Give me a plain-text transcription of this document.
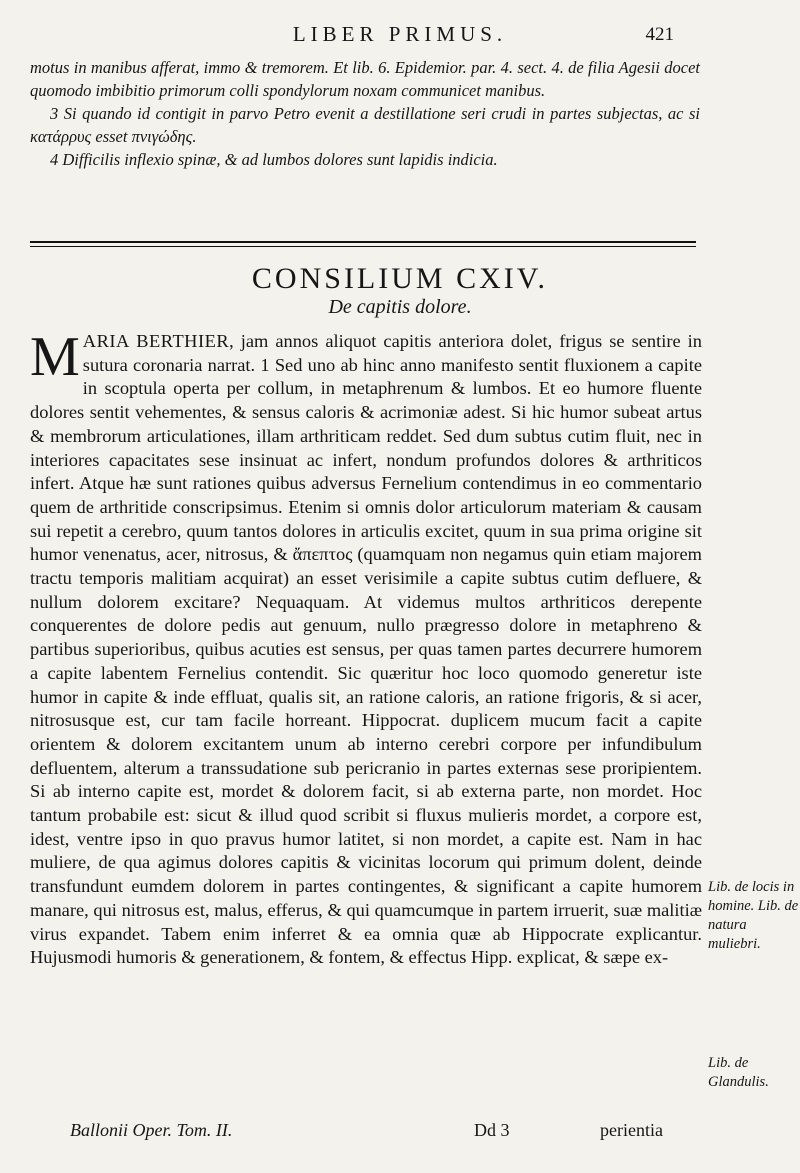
LIBER PRIMUS.	421

motus in manibus afferat, immo & tremorem. Et lib. 6. Epidemior. par. 4. sect. 4. de filia Agesii docet quomodo imbibitio primorum colli spondylorum noxam communicet manibus.

3 Si quando id contigit in parvo Petro evenit a destillatione seri crudi in partes subjectas, ac si κατάρρυς esset πνιγώδης.

4 Difficilis inflexio spinæ, & ad lumbos dolores sunt lapidis indicia.

CONSILIUM CXIV.
De capitis dolore.
MARIA BERTHIER, jam annos aliquot capitis anteriora dolet, frigus se sentire in sutura coronaria narrat. 1 Sed uno ab hinc anno manifesto sentit fluxionem a capite in scoptula operta per collum, in metaphrenum & lumbos. Et eo humore fluente dolores sentit vehementes, & sensus caloris & acrimoniæ adest. Si hic humor subeat artus & membrorum articulationes, illam arthriticam reddet. Sed dum subtus cutim fluit, nec in interiores capacitates sese insinuat ac infert, nondum profundos dolores & arthriticos infert. Atque hæ sunt rationes quibus adversus Fernelium contendimus in eo commentario quem de arthritide conscripsimus. Etenim si omnis dolor articulorum materiam & causam sui repetit a cerebro, quum tantos dolores in articulis excitet, quum in sua prima origine sit humor venenatus, acer, nitrosus, & ἄπεπτος (quamquam non negamus quin etiam majorem tractu temporis malitiam acquirat) an esset verisimile a capite subtus cutim defluere, & nullum dolorem excitare? Nequaquam. At videmus multos arthriticos derepente conquerentes de dolore pedis aut genuum, nullo prægresso dolore in metaphreno & partibus superioribus, quibus acuties est sensus, per quas tamen partes decurrere humorem a capite labentem Fernelius contendit. Sic quæritur hoc loco quomodo generetur iste humor in capite & inde effluat, qualis sit, an ratione caloris, an ratione frigoris, & si acer, nitrosusque est, cur tam facile horreant. Hippocrat. duplicem mucum facit a capite orientem & dolorem excitantem unum ab interno cerebri corpore per infundibulum defluentem, alterum a transsudatione sub pericranio in partes externas sese proripientem. Si ab interno capite est, mordet & dolorem facit, si ab externa parte, non mordet. Hoc tantum probabile est: sicut & illud quod scribit si fluxus mulieris mordet, a corpore est, idest, ventre ipso in quo pravus humor latitet, si non mordet, a capite est. Nam in hac muliere, de qua agimus dolores capitis & vicinitas locorum qui primum dolent, deinde transfundunt eumdem dolorem in partes contingentes, & significant a capite humorem manare, qui nitrosus est, malus, efferus, & qui quamcumque in partem irruerit, suæ malitiæ virus expandet. Tabem enim inferret & ea omnia quæ ab Hippocrate explicantur. Hujusmodi humoris & generationem, & fontem, & effectus Hipp. explicat, & sæpe ex-
Lib. de locis in homine. Lib. de natura muliebri.
Lib. de Glandulis.
Ballonii Oper. Tom. II.	Dd 3	perientia
